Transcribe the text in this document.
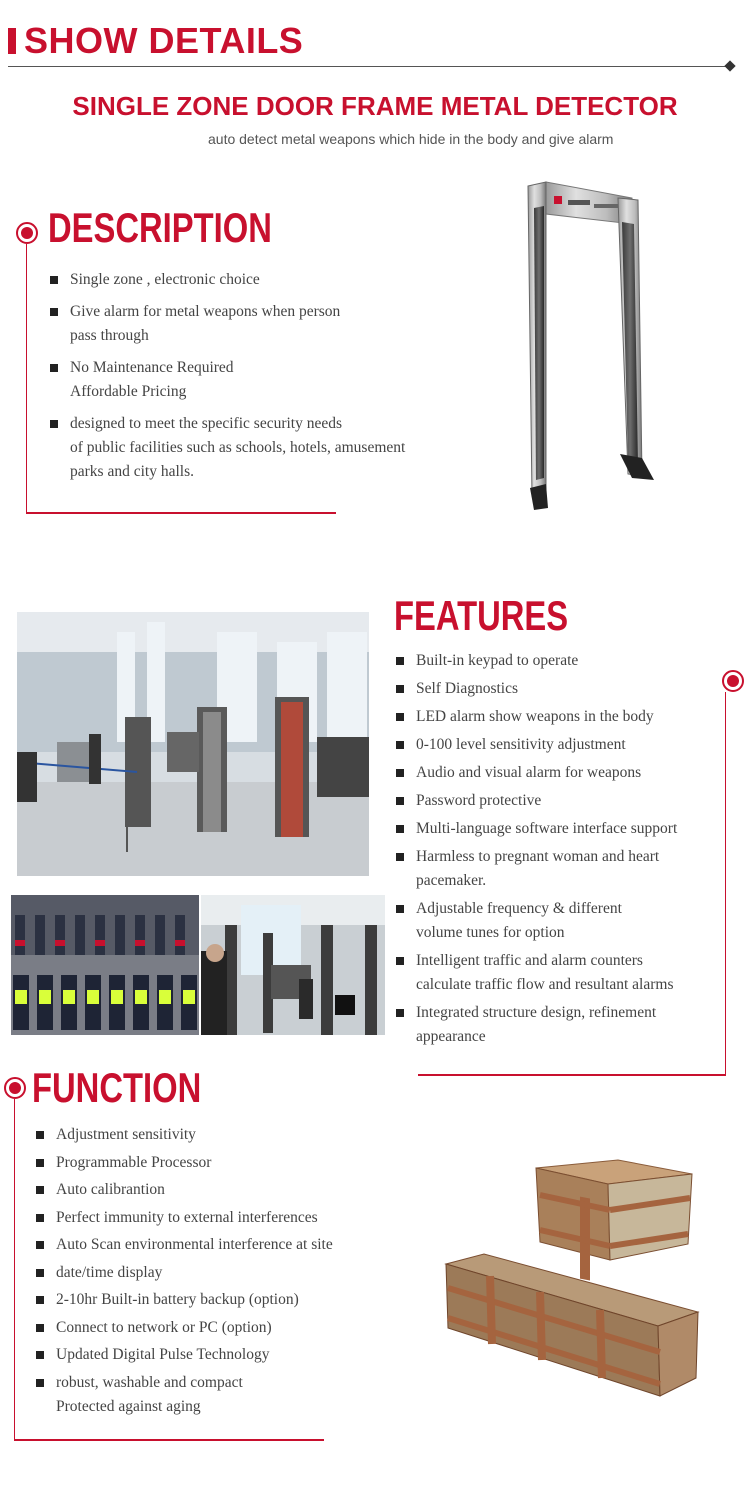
SHOW DETAILS
SINGLE ZONE DOOR FRAME METAL DETECTOR
auto detect metal weapons which hide in the body and give alarm
DESCRIPTION
Single zone , electronic choice
Give alarm for metal weapons when person
pass through
No Maintenance Required
Affordable Pricing
designed to meet the specific security needs
of public facilities such as schools, hotels, amusement
parks and city halls.
FEATURES
Built-in keypad to operate
Self Diagnostics
LED alarm show weapons in the body
0-100 level sensitivity adjustment
Audio and visual alarm for weapons
Password protective
Multi-language software interface support
Harmless to pregnant woman and heart
pacemaker.
Adjustable frequency & different
volume tunes for option
Intelligent traffic and alarm counters
calculate traffic flow and resultant alarms
Integrated structure design, refinement
appearance
FUNCTION
Adjustment sensitivity
Programmable Processor
Auto calibrantion
Perfect immunity to external interferences
Auto Scan environmental interference at site
date/time display
2-10hr Built-in battery backup (option)
Connect to network or PC (option)
Updated Digital Pulse Technology
robust, washable and compact
Protected against aging
